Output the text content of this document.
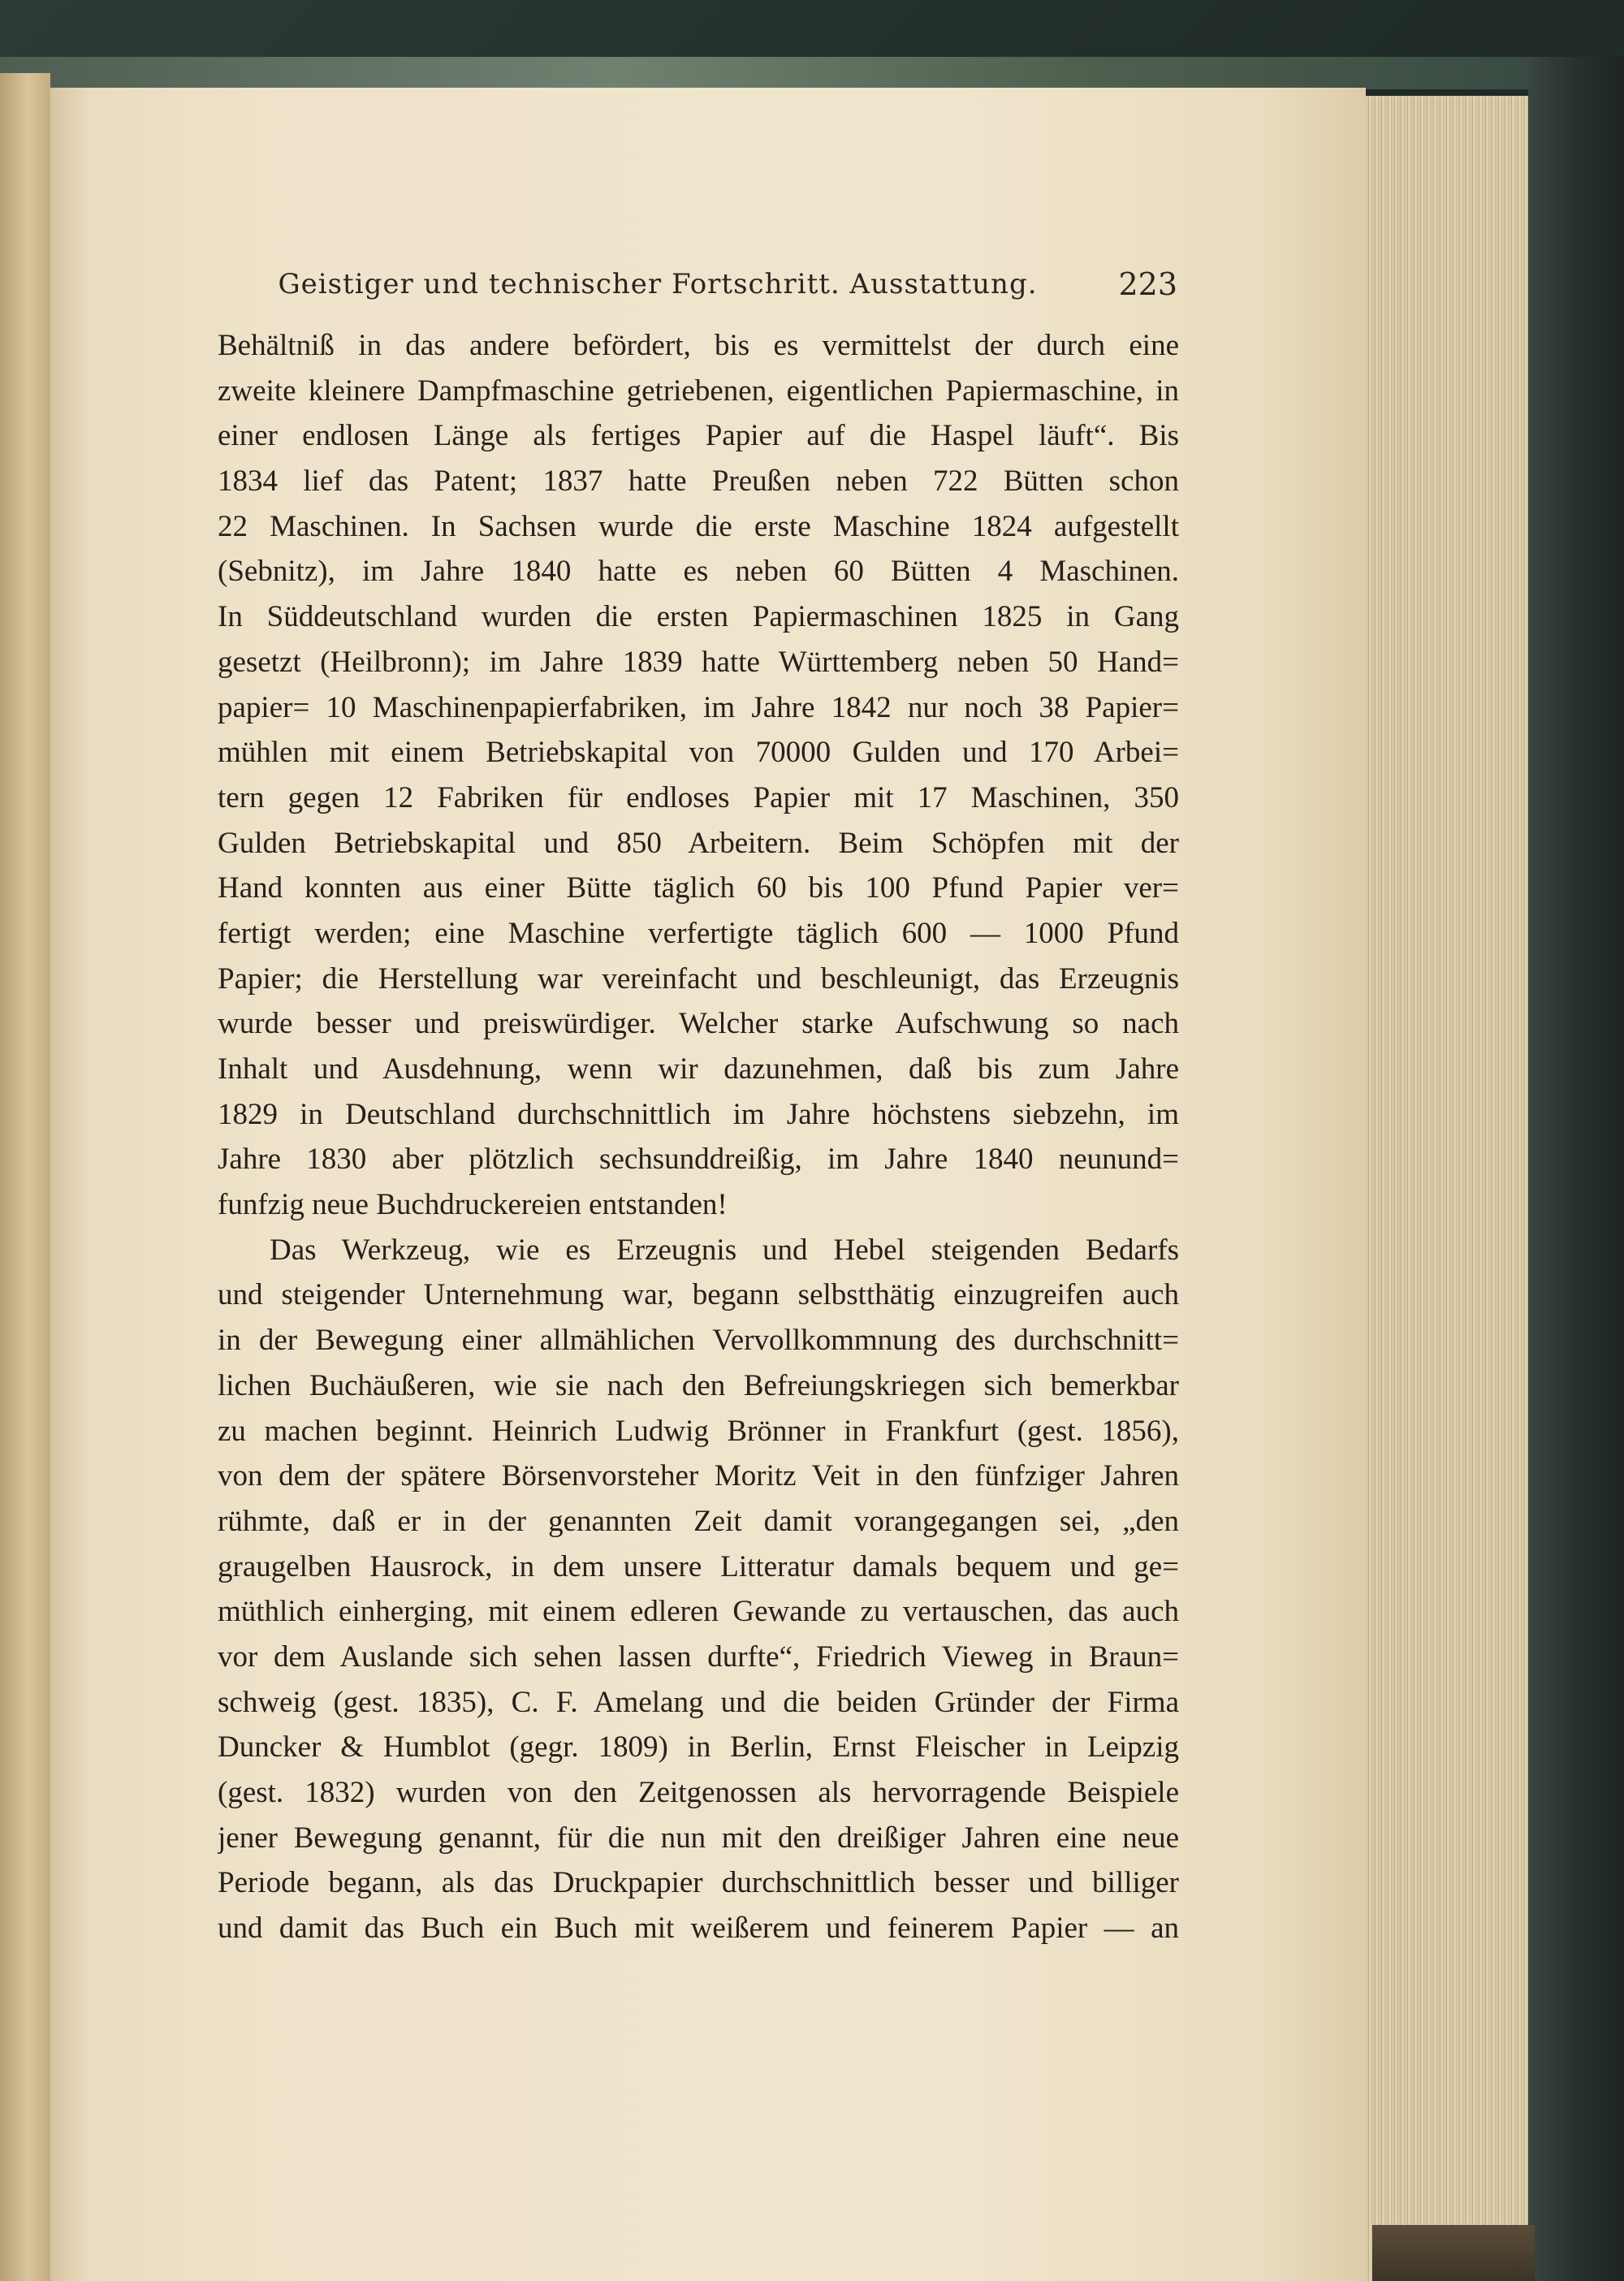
Geistiger und technischer Fortschritt. Ausstattung.	223
Behältniß in das andere befördert, bis es vermittelst der durch eine
zweite kleinere Dampfmaschine getriebenen, eigentlichen Papiermaschine, in
einer endlosen Länge als fertiges Papier auf die Haspel läuft“. Bis
1834 lief das Patent; 1837 hatte Preußen neben 722 Bütten schon
22 Maschinen. In Sachsen wurde die erste Maschine 1824 aufgestellt
(Sebnitz), im Jahre 1840 hatte es neben 60 Bütten 4 Maschinen.
In Süddeutschland wurden die ersten Papiermaschinen 1825 in Gang
gesetzt (Heilbronn); im Jahre 1839 hatte Württemberg neben 50 Hand=
papier= 10 Maschinenpapierfabriken, im Jahre 1842 nur noch 38 Papier=
mühlen mit einem Betriebskapital von 70000 Gulden und 170 Arbei=
tern gegen 12 Fabriken für endloses Papier mit 17 Maschinen, 350
Gulden Betriebskapital und 850 Arbeitern. Beim Schöpfen mit der
Hand konnten aus einer Bütte täglich 60 bis 100 Pfund Papier ver=
fertigt werden; eine Maschine verfertigte täglich 600 — 1000 Pfund
Papier; die Herstellung war vereinfacht und beschleunigt, das Erzeugnis
wurde besser und preiswürdiger. Welcher starke Aufschwung so nach
Inhalt und Ausdehnung, wenn wir dazunehmen, daß bis zum Jahre
1829 in Deutschland durchschnittlich im Jahre höchstens siebzehn, im
Jahre 1830 aber plötzlich sechsunddreißig, im Jahre 1840 neunund=
funfzig neue Buchdruckereien entstanden!
Das Werkzeug, wie es Erzeugnis und Hebel steigenden Bedarfs
und steigender Unternehmung war, begann selbstthätig einzugreifen auch
in der Bewegung einer allmählichen Vervollkommnung des durchschnitt=
lichen Buchäußeren, wie sie nach den Befreiungskriegen sich bemerkbar
zu machen beginnt. Heinrich Ludwig Brönner in Frankfurt (gest. 1856),
von dem der spätere Börsenvorsteher Moritz Veit in den fünfziger Jahren
rühmte, daß er in der genannten Zeit damit vorangegangen sei, „den
graugelben Hausrock, in dem unsere Litteratur damals bequem und ge=
müthlich einherging, mit einem edleren Gewande zu vertauschen, das auch
vor dem Auslande sich sehen lassen durfte“, Friedrich Vieweg in Braun=
schweig (gest. 1835), C. F. Amelang und die beiden Gründer der Firma
Duncker & Humblot (gegr. 1809) in Berlin, Ernst Fleischer in Leipzig
(gest. 1832) wurden von den Zeitgenossen als hervorragende Beispiele
jener Bewegung genannt, für die nun mit den dreißiger Jahren eine neue
Periode begann, als das Druckpapier durchschnittlich besser und billiger
und damit das Buch ein Buch mit weißerem und feinerem Papier — an
